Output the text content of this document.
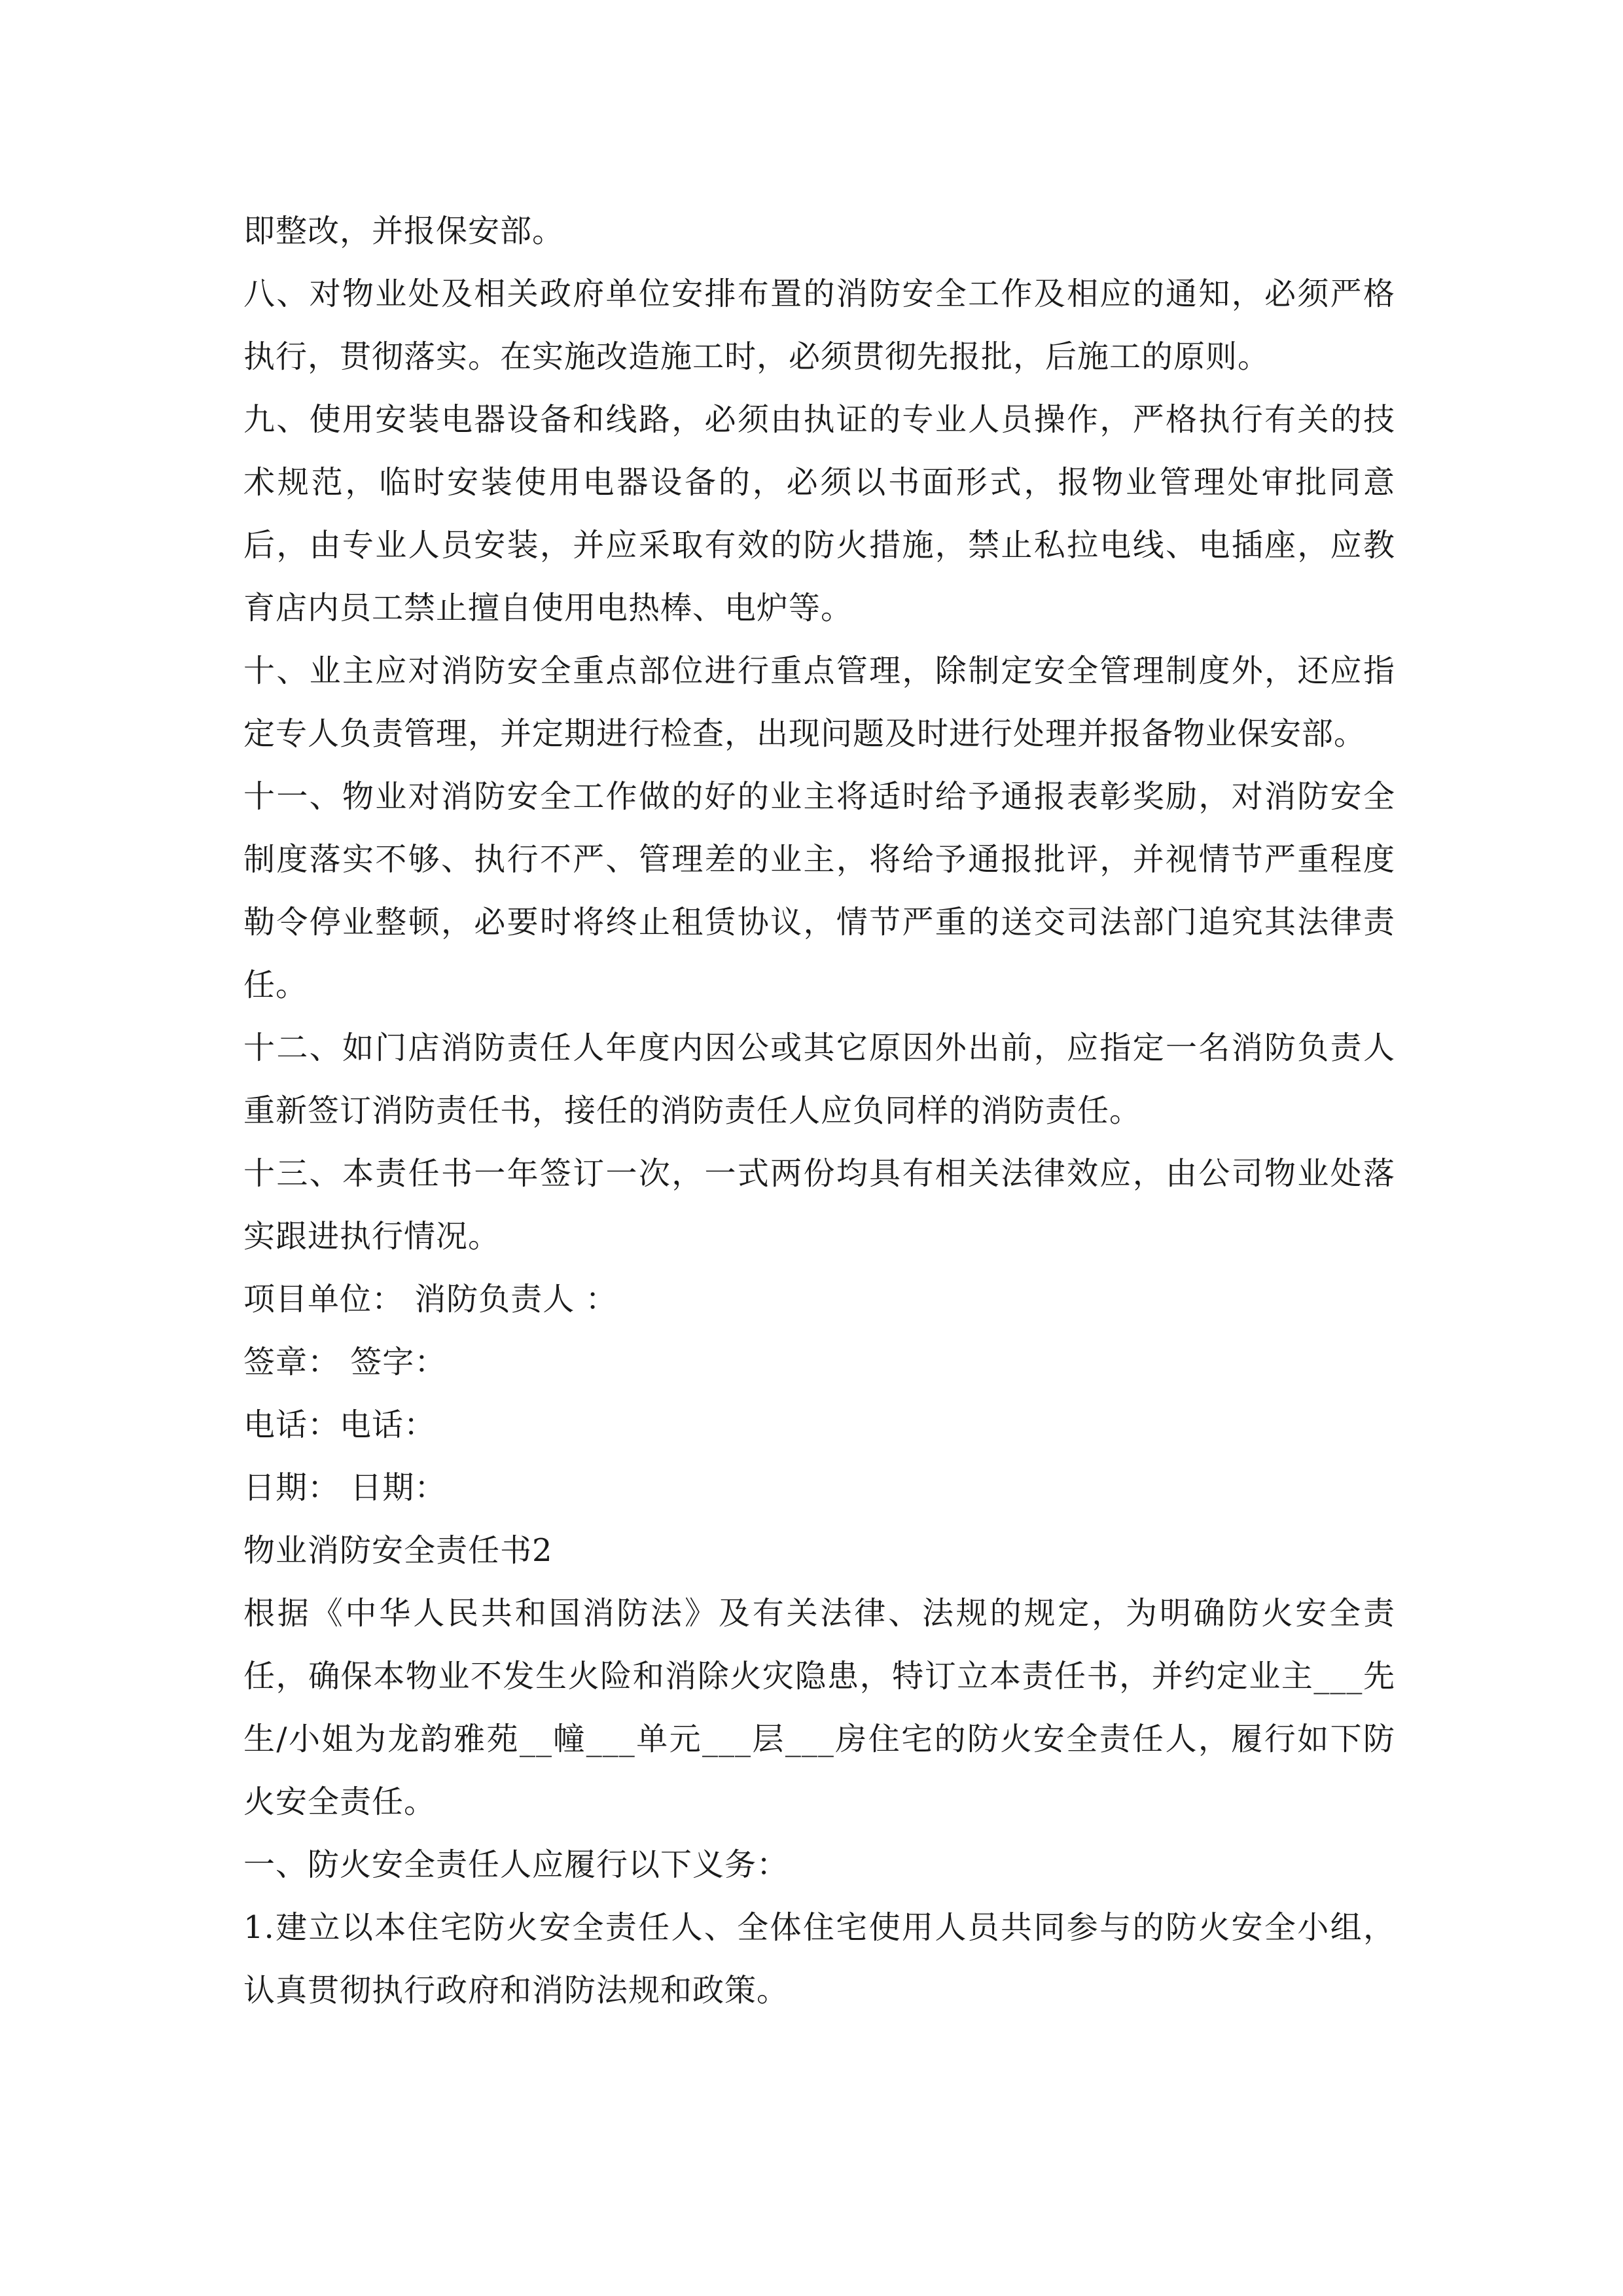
即整改，并报保安部。

八、对物业处及相关政府单位安排布置的消防安全工作及相应的通知，必须严格执行，贯彻落实。在实施改造施工时，必须贯彻先报批，后施工的原则。

九、使用安装电器设备和线路，必须由执证的专业人员操作，严格执行有关的技术规范，临时安装使用电器设备的，必须以书面形式，报物业管理处审批同意后，由专业人员安装，并应采取有效的防火措施，禁止私拉电线、电插座，应教育店内员工禁止擅自使用电热棒、电炉等。

十、业主应对消防安全重点部位进行重点管理，除制定安全管理制度外，还应指定专人负责管理，并定期进行检查，出现问题及时进行处理并报备物业保安部。

十一、物业对消防安全工作做的好的业主将适时给予通报表彰奖励，对消防安全制度落实不够、执行不严、管理差的业主，将给予通报批评，并视情节严重程度勒令停业整顿，必要时将终止租赁协议，情节严重的送交司法部门追究其法律责任。

十二、如门店消防责任人年度内因公或其它原因外出前，应指定一名消防负责人重新签订消防责任书，接任的消防责任人应负同样的消防责任。

十三、本责任书一年签订一次，一式两份均具有相关法律效应，由公司物业处落实跟进执行情况。

项目单位： 消防负责人 ：

签章： 签字：

电话：电话：

日期： 日期：

物业消防安全责任书2

根据《中华人民共和国消防法》及有关法律、法规的规定，为明确防火安全责任，确保本物业不发生火险和消除火灾隐患，特订立本责任书，并约定业主___先生/小姐为龙韵雅苑__幢___单元___层___房住宅的防火安全责任人，履行如下防火安全责任。

一、防火安全责任人应履行以下义务：

1.建立以本住宅防火安全责任人、全体住宅使用人员共同参与的防火安全小组，认真贯彻执行政府和消防法规和政策。
